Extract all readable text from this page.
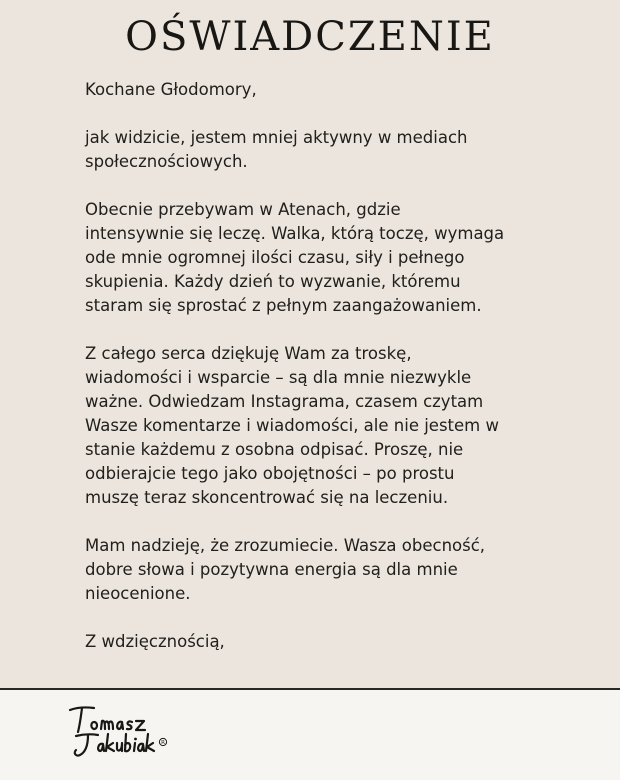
OŚWIADCZENIE

Kochane Głodomory,

jak widzicie, jestem mniej aktywny w mediach
społecznościowych.

Obecnie przebywam w Atenach, gdzie
intensywnie się leczę. Walka, którą toczę, wymaga
ode mnie ogromnej ilości czasu, siły i pełnego
skupienia. Każdy dzień to wyzwanie, któremu
staram się sprostać z pełnym zaangażowaniem.

Z całego serca dziękuję Wam za troskę,
wiadomości i wsparcie – są dla mnie niezwykle
ważne. Odwiedzam Instagrama, czasem czytam
Wasze komentarze i wiadomości, ale nie jestem w
stanie każdemu z osobna odpisać. Proszę, nie
odbierajcie tego jako obojętności – po prostu
muszę teraz skoncentrować się na leczeniu.

Mam nadzieję, że zrozumiecie. Wasza obecność,
dobre słowa i pozytywna energia są dla mnie
nieocenione.

Z wdzięcznością,

R
